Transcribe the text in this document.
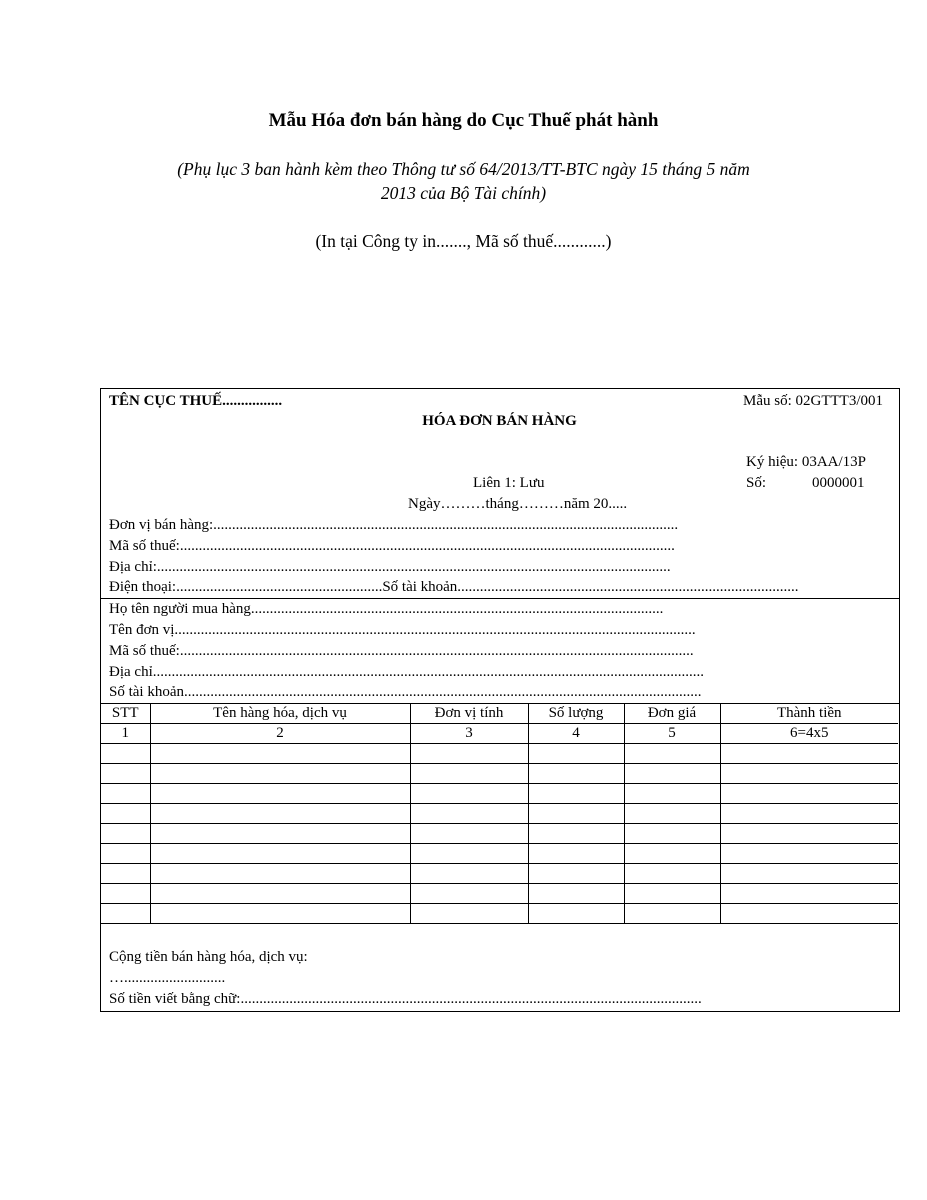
Mẫu Hóa đơn bán hàng do Cục Thuế phát hành
(Phụ lục 3 ban hành kèm theo Thông tư số 64/2013/TT-BTC ngày 15 tháng 5 năm
2013 của Bộ Tài chính)
(In tại Công ty in......., Mã số thuế............)
TÊN CỤC THUẾ................	Mẫu số: 02GTTT3/001
HÓA ĐƠN BÁN HÀNG
Ký hiệu: 03AA/13P
Liên 1: Lưu	Số:	0000001
Ngày………tháng………năm 20.....
Đơn vị bán hàng:............................................................................................................................
Mã số thuế:....................................................................................................................................
Địa chỉ:.........................................................................................................................................
Điện thoại:.......................................................Số tài khoản...........................................................................................
Họ tên người mua hàng..............................................................................................................
Tên đơn vị...........................................................................................................................................
Mã số thuế:.........................................................................................................................................
Địa chỉ...................................................................................................................................................
Số tài khoản..........................................................................................................................................
STT	Tên hàng hóa, dịch vụ	Đơn vị tính	Số lượng	Đơn giá	Thành tiền
1	2	3	4	5	6=4x5

Cộng tiền bán hàng hóa, dịch vụ:
…...........................
Số tiền viết bằng chữ:...........................................................................................................................
